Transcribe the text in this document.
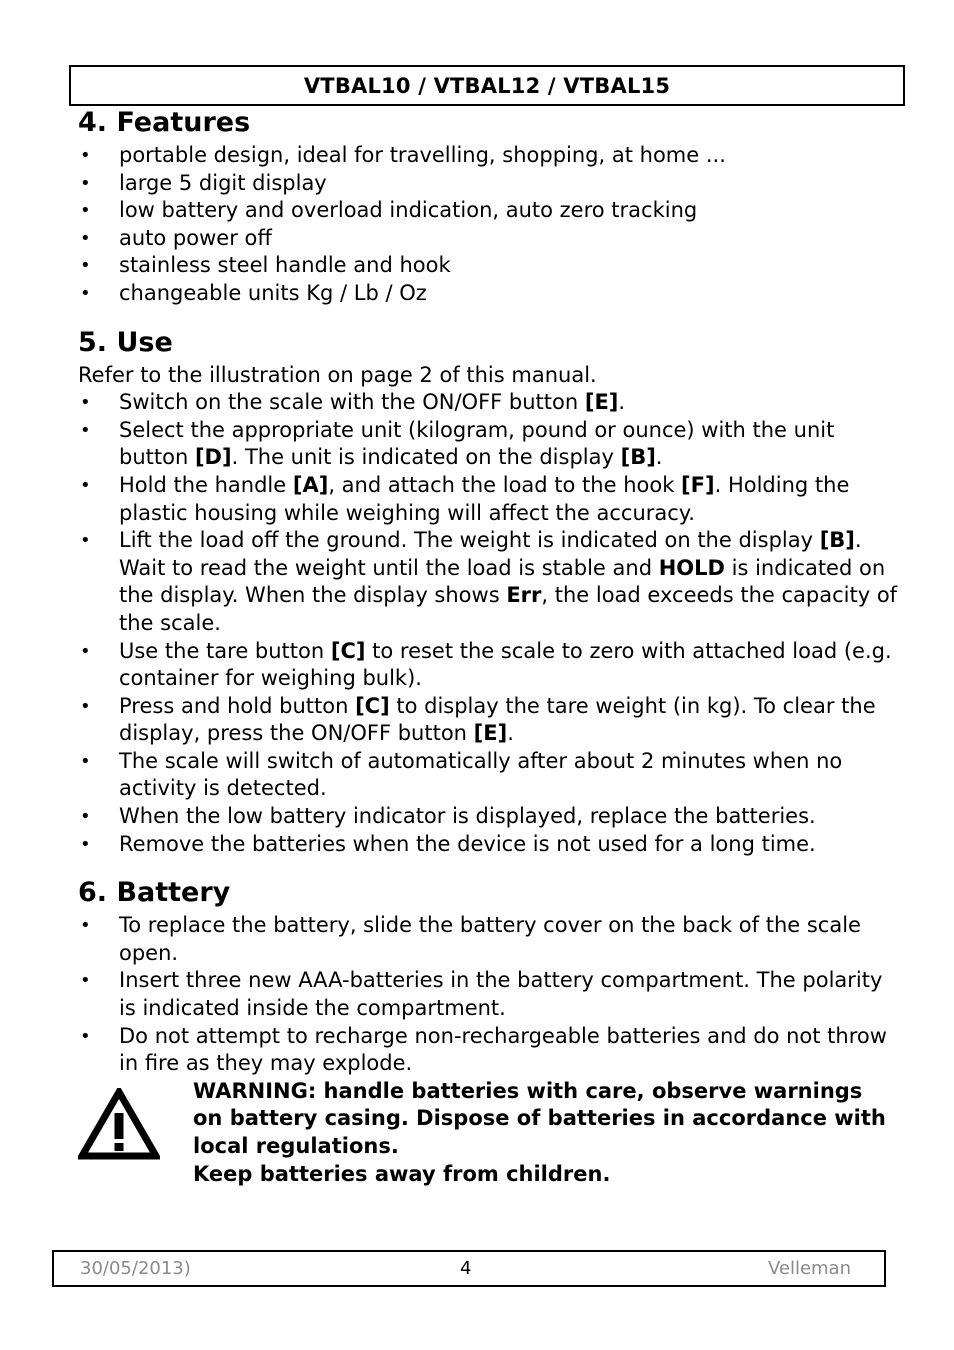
VTBAL10 / VTBAL12 / VTBAL15
4. Features
•	portable design, ideal for travelling, shopping, at home ...
•	large 5 digit display
•	low battery and overload indication, auto zero tracking
•	auto power off
•	stainless steel handle and hook
•	changeable units Kg / Lb / Oz
5. Use

Refer to the illustration on page 2 of this manual.

•	Switch on the scale with the ON/OFF button [E].
•	Select the appropriate unit (kilogram, pound or ounce) with the unit button [D]. The unit is indicated on the display [B].
•	Hold the handle [A], and attach the load to the hook [F]. Holding the plastic housing while weighing will affect the accuracy.
•	Lift the load off the ground. The weight is indicated on the display [B]. Wait to read the weight until the load is stable and HOLD is indicated on the display. When the display shows Err, the load exceeds the capacity of the scale.
•	Use the tare button [C] to reset the scale to zero with attached load (e.g. container for weighing bulk).
•	Press and hold button [C] to display the tare weight (in kg). To clear the display, press the ON/OFF button [E].
•	The scale will switch of automatically after about 2 minutes when no activity is detected.
•	When the low battery indicator is displayed, replace the batteries.
•	Remove the batteries when the device is not used for a long time.
6. Battery
•	To replace the battery, slide the battery cover on the back of the scale open.
•	Insert three new AAA-batteries in the battery compartment. The polarity is indicated inside the compartment.
•	Do not attempt to recharge non-rechargeable batteries and do not throw in fire as they may explode.
WARNING: handle batteries with care, observe warnings on battery casing. Dispose of batteries in accordance with local regulations.
Keep batteries away from children.
30/05/2013)	4	Velleman
